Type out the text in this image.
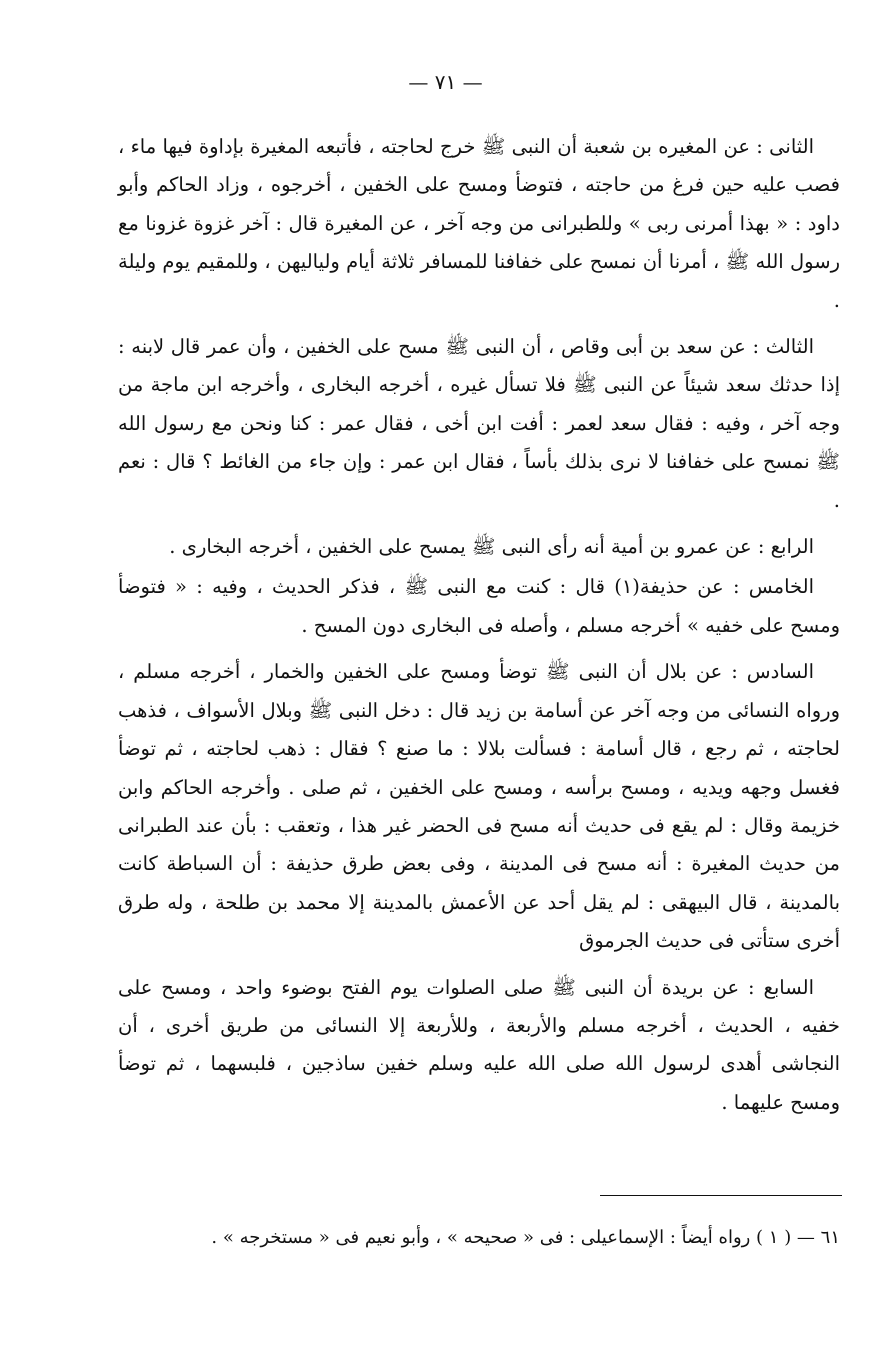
— ٧١ —

الثانى : عن المغيره بن شعبة أن النبى ﷺ خرج لحاجته ، فأتبعه المغيرة بإداوة فيها ماء ، فصب عليه حين فرغ من حاجته ، فتوضأ ومسح على الخفين ، أخرجوه ، وزاد الحاكم وأبو داود : « بهذا أمرنى ربى » وللطبرانى من وجه آخر ، عن المغيرة قال : آخر غزوة غزونا مع رسول الله ﷺ ، أمرنا أن نمسح على خفافنا للمسافر ثلاثة أيام ولياليهن ، وللمقيم يوم وليلة .

الثالث : عن سعد بن أبى وقاص ، أن النبى ﷺ مسح على الخفين ، وأن عمر قال لابنه : إذا حدثك سعد شيئاً عن النبى ﷺ فلا تسأل غيره ، أخرجه البخارى ، وأخرجه ابن ماجة من وجه آخر ، وفيه : فقال سعد لعمر : أفت ابن أخى ، فقال عمر : كنا ونحن مع رسول الله ﷺ نمسح على خفافنا لا نرى بذلك بأساً ، فقال ابن عمر : وإن جاء من الغائط ؟ قال : نعم .

الرابع : عن عمرو بن أمية أنه رأى النبى ﷺ يمسح على الخفين ، أخرجه البخارى .

الخامس : عن حذيفة(١) قال : كنت مع النبى ﷺ ، فذكر الحديث ، وفيه : « فتوضأ ومسح على خفيه » أخرجه مسلم ، وأصله فى البخارى دون المسح .

السادس : عن بلال أن النبى ﷺ توضأ ومسح على الخفين والخمار ، أخرجه مسلم ، ورواه النسائى من وجه آخر عن أسامة بن زيد قال : دخل النبى ﷺ وبلال الأسواف ، فذهب لحاجته ، ثم رجع ، قال أسامة : فسألت بلالا : ما صنع ؟ فقال : ذهب لحاجته ، ثم توضأ فغسل وجهه ويديه ، ومسح برأسه ، ومسح على الخفين ، ثم صلى . وأخرجه الحاكم وابن خزيمة وقال : لم يقع فى حديث أنه مسح فى الحضر غير هذا ، وتعقب : بأن عند الطبرانى من حديث المغيرة : أنه مسح فى المدينة ، وفى بعض طرق حذيفة : أن السباطة كانت بالمدينة ، قال البيهقى : لم يقل أحد عن الأعمش بالمدينة إلا محمد بن طلحة ، وله طرق أخرى ستأتى فى حديث الجرموق

السابع : عن بريدة أن النبى ﷺ صلى الصلوات يوم الفتح بوضوء واحد ، ومسح على خفيه ، الحديث ، أخرجه مسلم والأربعة ، وللأربعة إلا النسائى من طريق أخرى ، أن النجاشى أهدى لرسول الله صلى الله عليه وسلم خفين ساذجين ، فلبسهما ، ثم توضأ ومسح عليهما .

٦١ — ( ١ ) رواه أيضاً : الإسماعيلى : فى « صحيحه » ، وأبو نعيم فى « مستخرجه » .
